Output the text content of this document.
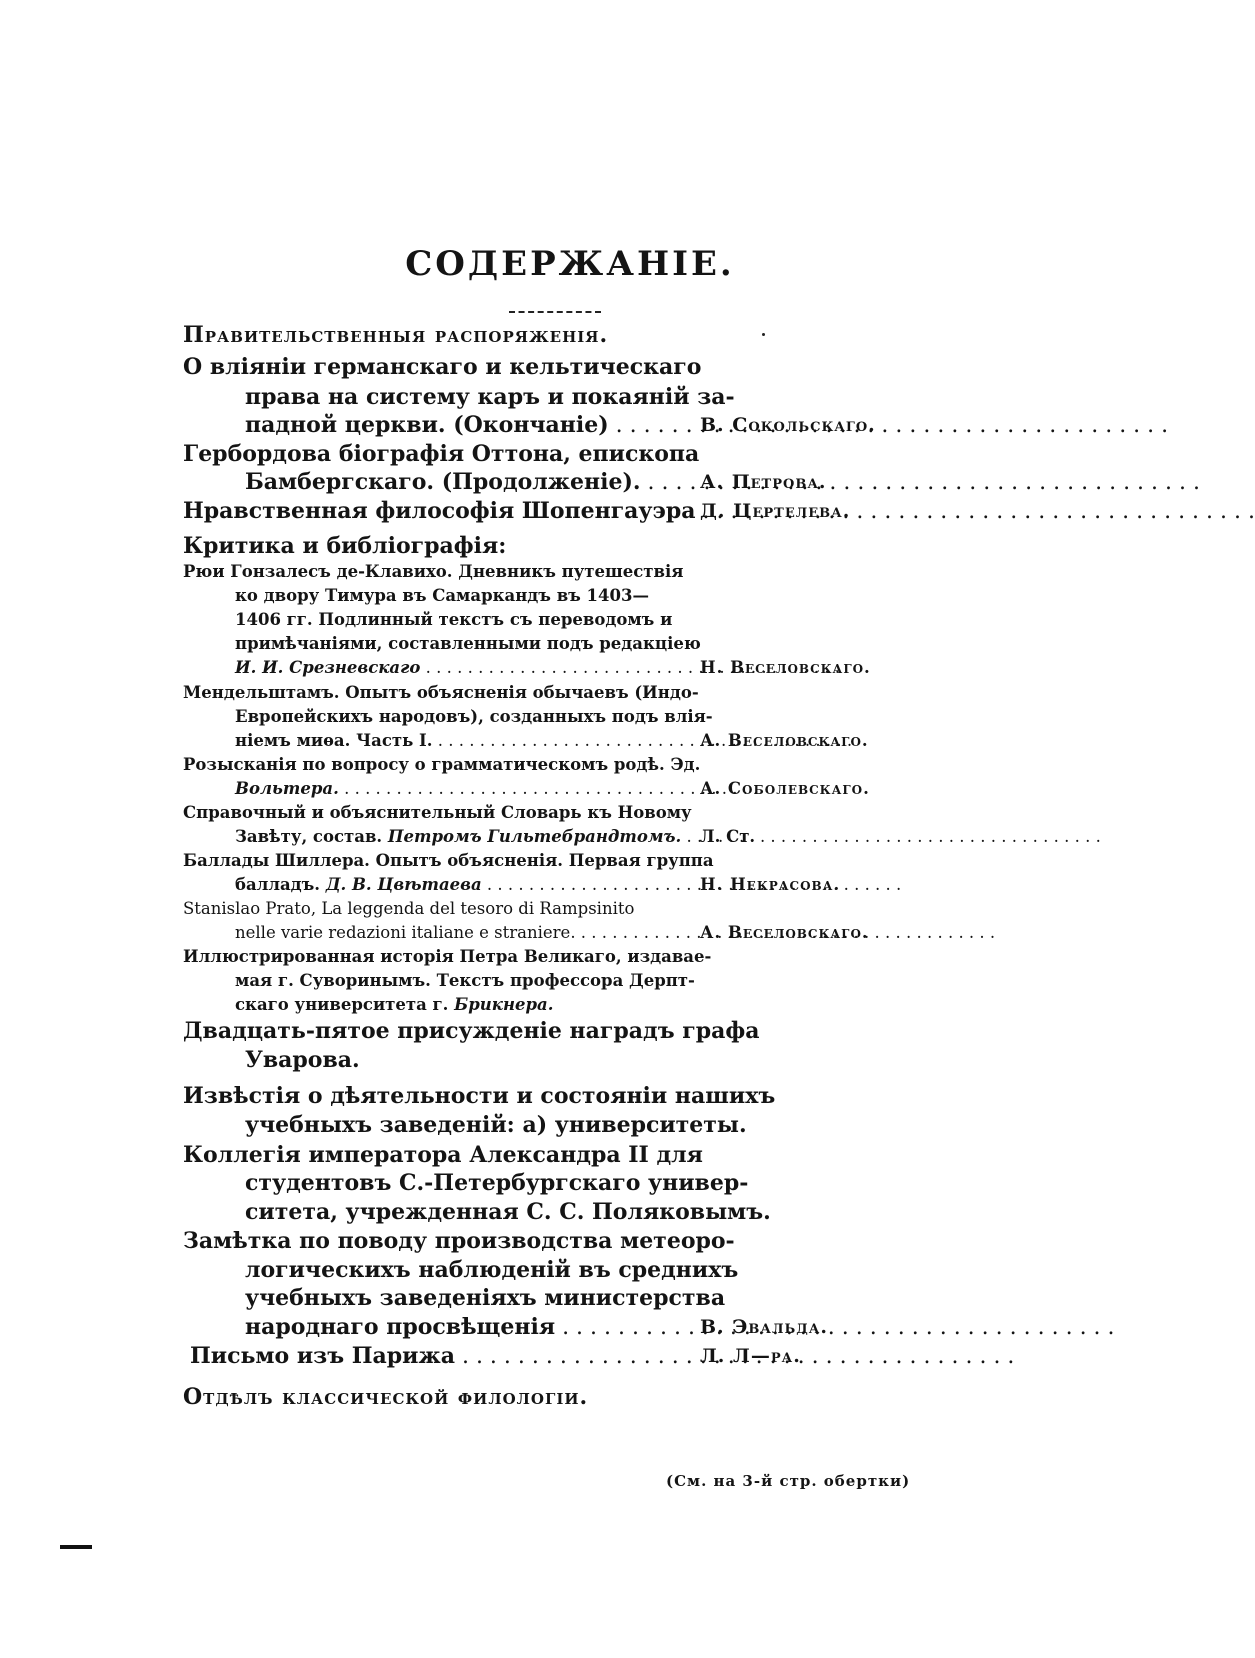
СОДЕРЖАНІЕ.
Правительственныя распоряженія.
О вліяніи германскаго и кельтическаго
права на систему каръ и покаяній за-
падной церкви. (Окончаніе) . . .	В. Сокольскаго.
Гербордова біографія Оттона, епископа
Бамбергскаго. (Продолженіе). . . .	А. Петрова.
Нравственная философія Шопенгауэра . . . Д. Цертелева.
Критика и библіографія:
Рюи Гонзалесъ де-Клавихо. Дневникъ путешествія
ко двору Тимура въ Самаркандъ въ 1403—
1406 гг. Подлинный текстъ съ переводомъ и
примѣчаніями, составленными подъ редакціею
И. И. Срезневскаго . . .	Н. Веселовскаго.
Мендельштамъ. Опытъ объясненія обычаевъ (Индо-
Европейскихъ народовъ), созданныхъ подъ влія-
ніемъ миѳа. Часть I. . . .	А. Веселовскаго.
Розысканія по вопросу о грамматическомъ родѣ. Эд.
Вольтера. . . .	А. Соболевскаго.
Справочный и объяснительный Словарь къ Новому
Завѣту, состав. Петромъ Гильтебрандтомъ. . . .	Л. Ст.
Баллады Шиллера. Опытъ объясненія. Первая группа
балладъ. Д. В. Цвѣтаева . . .	Н. Некрасова.
Stanislao Prato, La leggenda del tesoro di Rampsinito
nelle varie redazioni italiane e straniere. . . .	А. Веселовскаго.
Иллюстрированная исторія Петра Великаго, издавае-
мая г. Суворинымъ. Текстъ профессора Дерпт-
скаго университета г. Брикнера.
Двадцать-пятое присужденіе наградъ графа
Уварова.
Извѣстія о дѣятельности и состояніи нашихъ
учебныхъ заведеній: а) университеты.
Коллегія императора Александра II для
студентовъ С.-Петербургскаго универ-
ситета, учрежденная С. С. Поляковымъ.
Замѣтка по поводу производства метеоро-
логическихъ наблюденій въ среднихъ
учебныхъ заведеніяхъ министерства
народнаго просвѣщенія . . .	В. Эвальда.
Письмо изъ Парижа . . .	Л. Л—ра.
Отдѣлъ классической филологіи.
(См. на 3-й стр. обертки)
